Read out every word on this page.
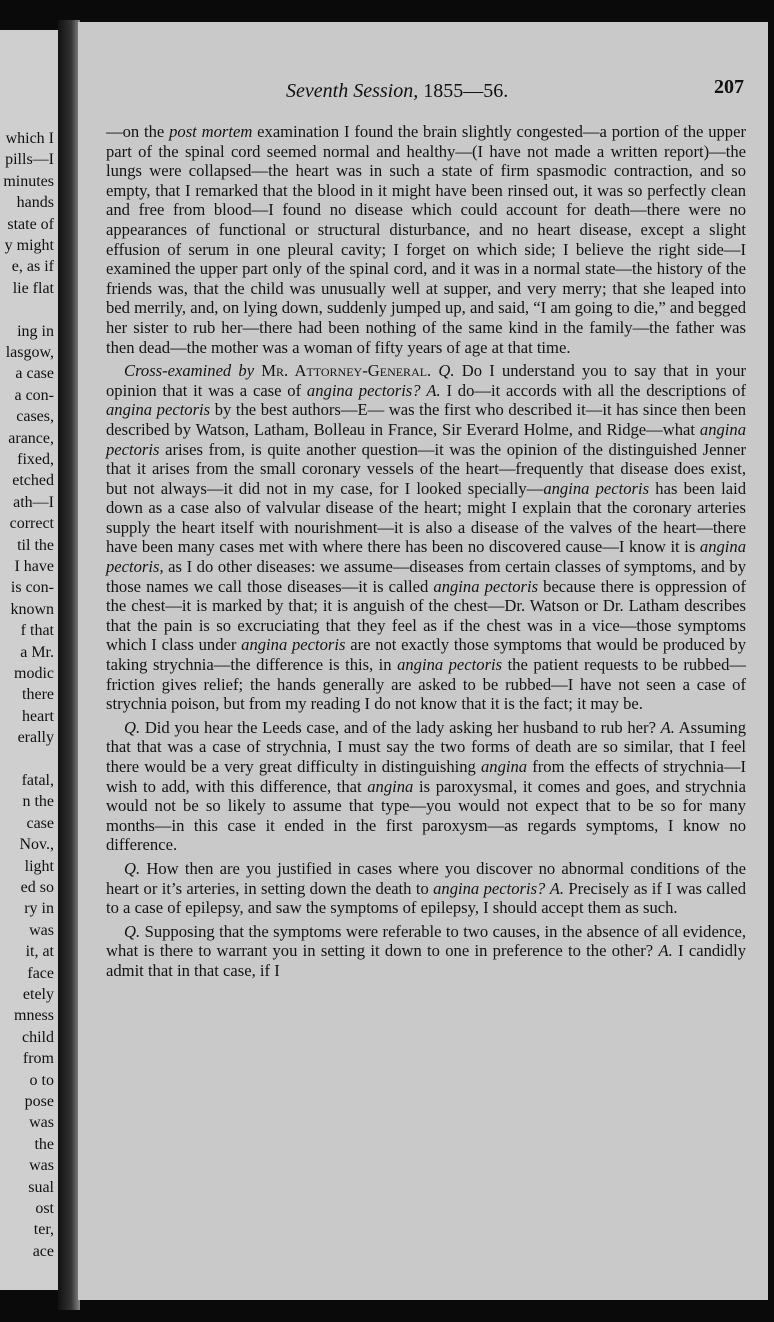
which I
pills—I
minutes
hands
state of
y might
e, as if
lie flat
ing in
lasgow,
a case
a con-
cases,
arance,
fixed,
etched
ath—I
correct
til the
I have
is con-
known
f that
a Mr.
modic
there
heart
erally
fatal,
n the
case
Nov.,
light
ed so
ry in
was
it, at
face
etely
mness
child
from
o to
pose
was
the
was
sual
ost
ter,
ace
Seventh Session, 1855—56.	207

—on the post mortem examination I found the brain slightly congested—a portion of the upper part of the spinal cord seemed normal and healthy—(I have not made a written report)—the lungs were collapsed—the heart was in such a state of firm spasmodic contraction, and so empty, that I remarked that the blood in it might have been rinsed out, it was so perfectly clean and free from blood—I found no disease which could account for death—there were no appearances of functional or structural disturbance, and no heart disease, except a slight effusion of serum in one pleural cavity; I forget on which side; I believe the right side—I examined the upper part only of the spinal cord, and it was in a normal state—the history of the friends was, that the child was unusually well at supper, and very merry; that she leaped into bed merrily, and, on lying down, suddenly jumped up, and said, “I am going to die,” and begged her sister to rub her—there had been nothing of the same kind in the family—the father was then dead—the mother was a woman of fifty years of age at that time.

Cross-examined by Mr. Attorney-General. Q. Do I understand you to say that in your opinion that it was a case of angina pectoris? A. I do—it accords with all the descriptions of angina pectoris by the best authors—E— was the first who described it—it has since then been described by Watson, Latham, Bolleau in France, Sir Everard Holme, and Ridge—what angina pectoris arises from, is quite another question—it was the opinion of the distinguished Jenner that it arises from the small coronary vessels of the heart—frequently that disease does exist, but not always—it did not in my case, for I looked specially—angina pectoris has been laid down as a case also of valvular disease of the heart; might I explain that the coronary arteries supply the heart itself with nourishment—it is also a disease of the valves of the heart—there have been many cases met with where there has been no discovered cause—I know it is angina pectoris, as I do other diseases: we assume—diseases from certain classes of symptoms, and by those names we call those diseases—it is called angina pectoris because there is oppression of the chest—it is marked by that; it is anguish of the chest—Dr. Watson or Dr. Latham describes that the pain is so excruciating that they feel as if the chest was in a vice—those symptoms which I class under angina pectoris are not exactly those symptoms that would be produced by taking strychnia—the difference is this, in angina pectoris the patient requests to be rubbed—friction gives relief; the hands generally are asked to be rubbed—I have not seen a case of strychnia poison, but from my reading I do not know that it is the fact; it may be.

Q. Did you hear the Leeds case, and of the lady asking her husband to rub her? A. Assuming that that was a case of strychnia, I must say the two forms of death are so similar, that I feel there would be a very great difficulty in distinguishing angina from the effects of strychnia—I wish to add, with this difference, that angina is paroxysmal, it comes and goes, and strychnia would not be so likely to assume that type—you would not expect that to be so for many months—in this case it ended in the first paroxysm—as regards symptoms, I know no difference.

Q. How then are you justified in cases where you discover no abnormal conditions of the heart or it’s arteries, in setting down the death to angina pectoris? A. Precisely as if I was called to a case of epilepsy, and saw the symptoms of epilepsy, I should accept them as such.

Q. Supposing that the symptoms were referable to two causes, in the absence of all evidence, what is there to warrant you in setting it down to one in preference to the other? A. I candidly admit that in that case, if I
